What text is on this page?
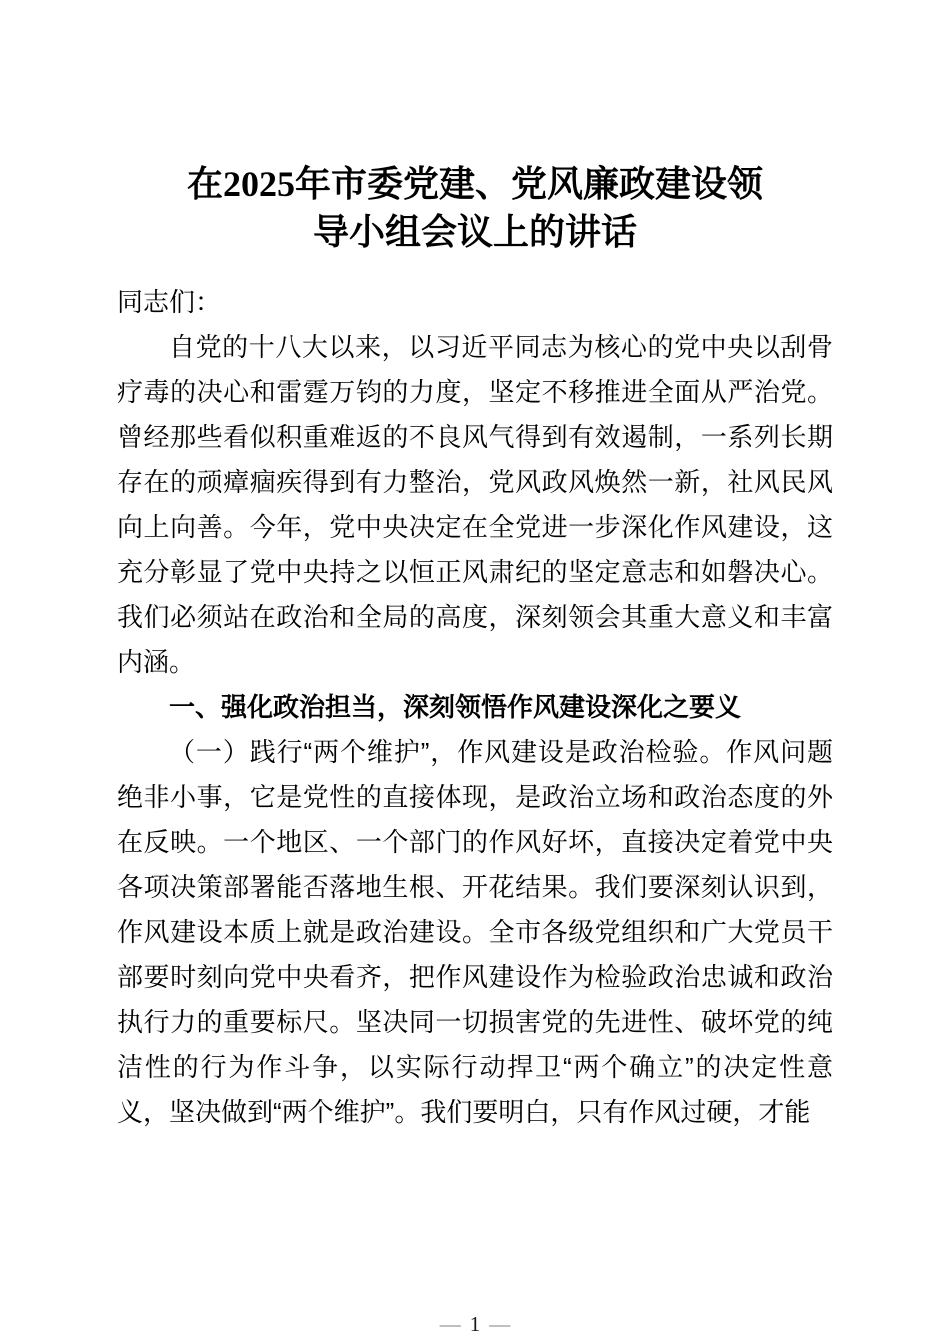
在2025年市委党建、党风廉政建设领
导小组会议上的讲话

同志们：

自党的十八大以来，以习近平同志为核心的党中央以刮骨疗毒的决心和雷霆万钧的力度，坚定不移推进全面从严治党。曾经那些看似积重难返的不良风气得到有效遏制，一系列长期存在的顽瘴痼疾得到有力整治，党风政风焕然一新，社风民风向上向善。今年，党中央决定在全党进一步深化作风建设，这充分彰显了党中央持之以恒正风肃纪的坚定意志和如磐决心。我们必须站在政治和全局的高度，深刻领会其重大意义和丰富内涵。

一、强化政治担当，深刻领悟作风建设深化之要义

（一）践行“两个维护”，作风建设是政治检验。作风问题绝非小事，它是党性的直接体现，是政治立场和政治态度的外在反映。一个地区、一个部门的作风好坏，直接决定着党中央各项决策部署能否落地生根、开花结果。我们要深刻认识到，作风建设本质上就是政治建设。全市各级党组织和广大党员干部要时刻向党中央看齐，把作风建设作为检验政治忠诚和政治执行力的重要标尺。坚决同一切损害党的先进性、破坏党的纯洁性的行为作斗争，以实际行动捍卫“两个确立”的决定性意义，坚决做到“两个维护”。我们要明白，只有作风过硬，才能

— 1 —
